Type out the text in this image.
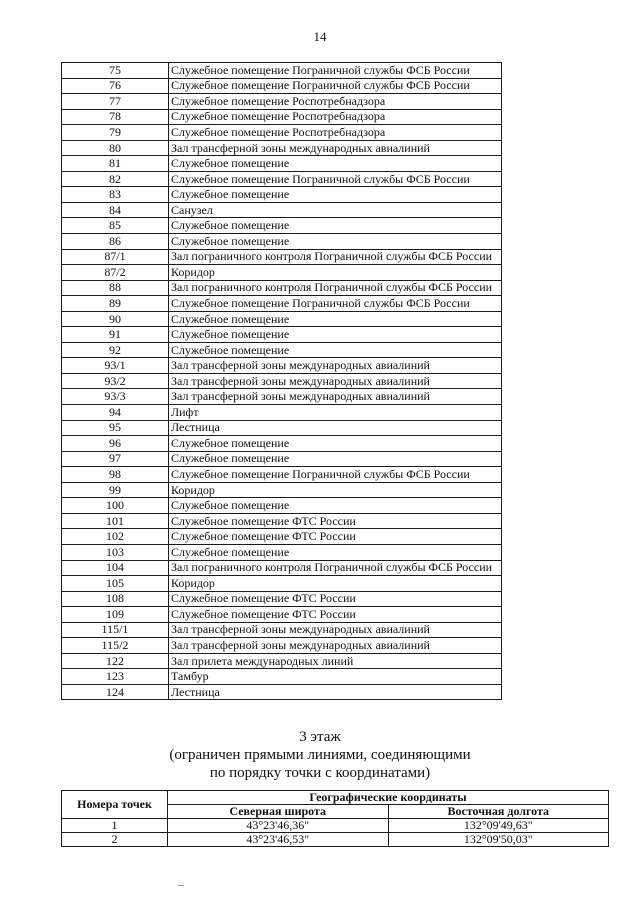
14
75	Служебное помещение Пограничной службы ФСБ России	
76	Служебное помещение Пограничной службы ФСБ России	
77	Служебное помещение Роспотребнадзора	
78	Служебное помещение Роспотребнадзора	
79	Служебное помещение Роспотребнадзора	
80	Зал трансферной зоны международных авиалиний	
81	Служебное помещение	
82	Служебное помещение Пограничной службы ФСБ России	
83	Служебное помещение	
84	Санузел	
85	Служебное помещение	
86	Служебное помещение	
87/1	Зал пограничного контроля Пограничной службы ФСБ России	
87/2	Коридор	
88	Зал пограничного контроля Пограничной службы ФСБ России	
89	Служебное помещение Пограничной службы ФСБ России	
90	Служебное помещение	
91	Служебное помещение	
92	Служебное помещение	
93/1	Зал трансферной зоны международных авиалиний	
93/2	Зал трансферной зоны международных авиалиний	
93/3	Зал трансферной зоны международных авиалиний	
94	Лифт	
95	Лестница	
96	Служебное помещение	
97	Служебное помещение	
98	Служебное помещение Пограничной службы ФСБ России	
99	Коридор	
100	Служебное помещение	
101	Служебное помещение ФТС России	
102	Служебное помещение ФТС России	
103	Служебное помещение	
104	Зал пограничного контроля Пограничной службы ФСБ России	
105	Коридор	
108	Служебное помещение ФТС России	
109	Служебное помещение ФТС России	
115/1	Зал трансферной зоны международных авиалиний	
115/2	Зал трансферной зоны международных авиалиний	
122	Зал прилета международных линий	
123	Тамбур	
124	Лестница	
3 этаж
(ограничен прямыми линиями, соединяющими
по порядку точки с координатами)
Номера точек	Географические координаты	
	Северная широта	Восточная долгота
1	43°23'46,36"	132°09'49,63"
2	43°23'46,53"	132°09'50,03"
